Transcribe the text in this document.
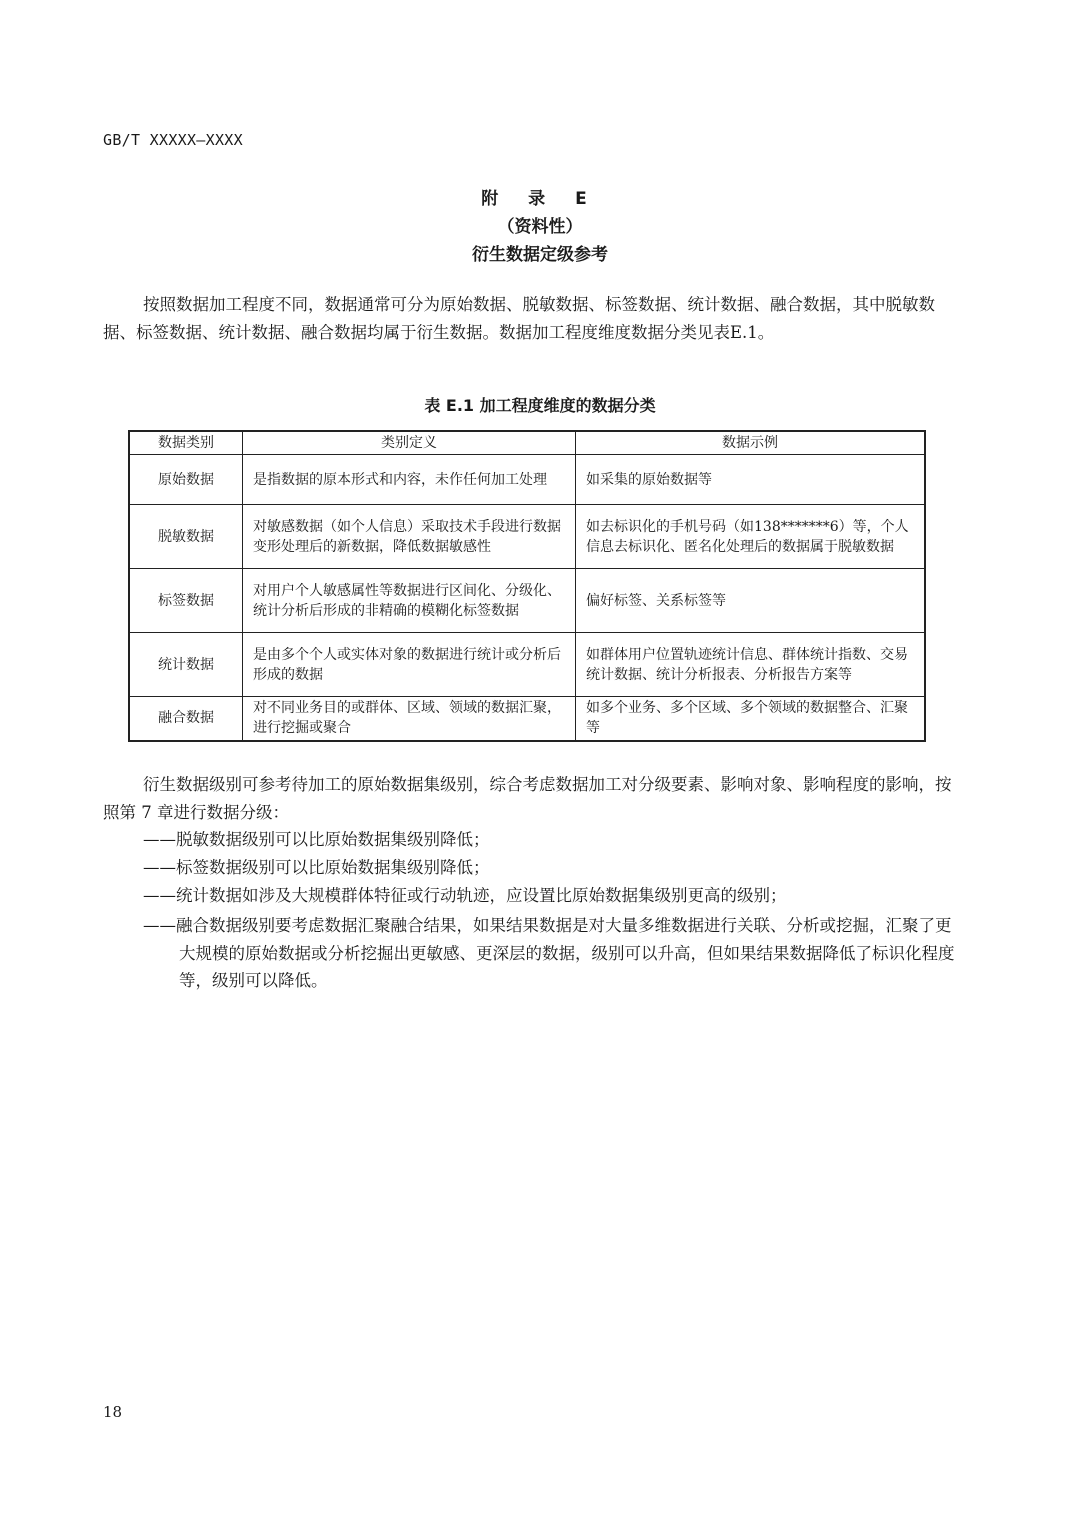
GB/T XXXXX—XXXX
附 录 E
（资料性）
衍生数据定级参考

按照数据加工程度不同，数据通常可分为原始数据、脱敏数据、标签数据、统计数据、融合数据，其中脱敏数据、标签数据、统计数据、融合数据均属于衍生数据。数据加工程度维度数据分类见表E.1。

表 E.1 加工程度维度的数据分类
数据类别	类别定义	数据示例
原始数据	是指数据的原本形式和内容，未作任何加工处理	如采集的原始数据等
脱敏数据	对敏感数据（如个人信息）采取技术手段进行数据变形处理后的新数据，降低数据敏感性	如去标识化的手机号码（如138*******6）等，个人信息去标识化、匿名化处理后的数据属于脱敏数据
标签数据	对用户个人敏感属性等数据进行区间化、分级化、统计分析后形成的非精确的模糊化标签数据	偏好标签、关系标签等
统计数据	是由多个个人或实体对象的数据进行统计或分析后形成的数据	如群体用户位置轨迹统计信息、群体统计指数、交易统计数据、统计分析报表、分析报告方案等
融合数据	对不同业务目的或群体、区域、领域的数据汇聚，进行挖掘或聚合	如多个业务、多个区域、多个领域的数据整合、汇聚等

衍生数据级别可参考待加工的原始数据集级别，综合考虑数据加工对分级要素、影响对象、影响程度的影响，按照第 7 章进行数据分级：

——脱敏数据级别可以比原始数据集级别降低；
——标签数据级别可以比原始数据集级别降低；
——统计数据如涉及大规模群体特征或行动轨迹，应设置比原始数据集级别更高的级别；
——融合数据级别要考虑数据汇聚融合结果，如果结果数据是对大量多维数据进行关联、分析或挖掘，汇聚了更大规模的原始数据或分析挖掘出更敏感、更深层的数据，级别可以升高，但如果结果数据降低了标识化程度等，级别可以降低。
18
